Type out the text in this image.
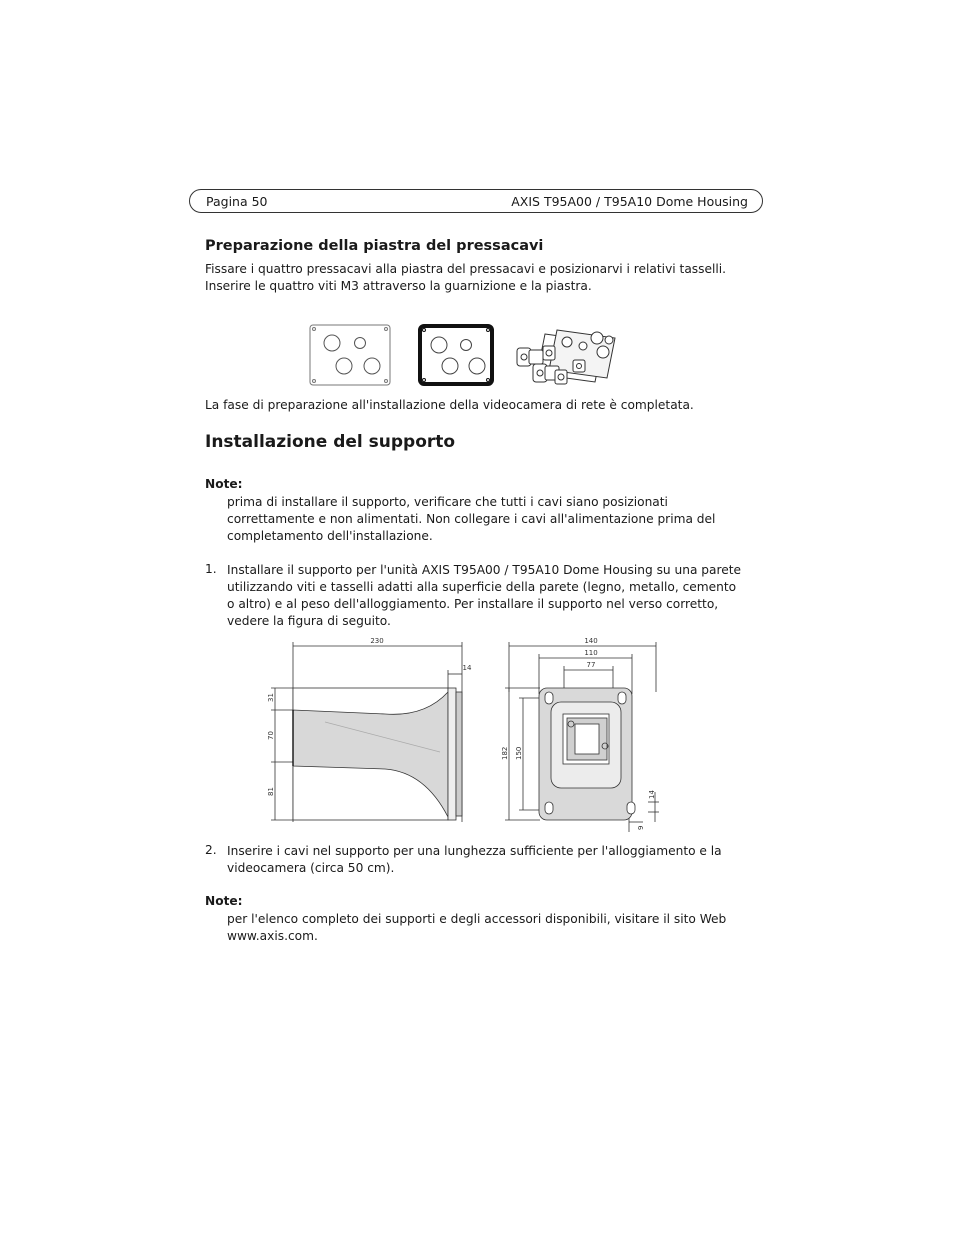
Pagina 50	AXIS T95A00 / T95A10 Dome Housing
Preparazione della piastra del pressacavi
Fissare i quattro pressacavi alla piastra del pressacavi e posizionarvi i relativi tasselli. Inserire le quattro viti M3 attraverso la guarnizione e la piastra.
La fase di preparazione all'installazione della videocamera di rete è completata.
Installazione del supporto
Note:
prima di installare il supporto, verificare che tutti i cavi siano posizionati correttamente e non alimentati. Non collegare i cavi all'alimentazione prima del completamento dell'installazione.
1. Installare il supporto per l'unità AXIS T95A00 / T95A10 Dome Housing su una parete utilizzando viti e tasselli adatti alla superficie della parete (legno, metallo, cemento o altro) e al peso dell'alloggiamento. Per installare il supporto nel verso corretto, vedere la figura di seguito.
230
14
31
70
81
140
110
77
182 150
14
9
2. Inserire i cavi nel supporto per una lunghezza sufficiente per l'alloggiamento e la videocamera (circa 50 cm).
Note:
per l'elenco completo dei supporti e degli accessori disponibili, visitare il sito Web www.axis.com.
